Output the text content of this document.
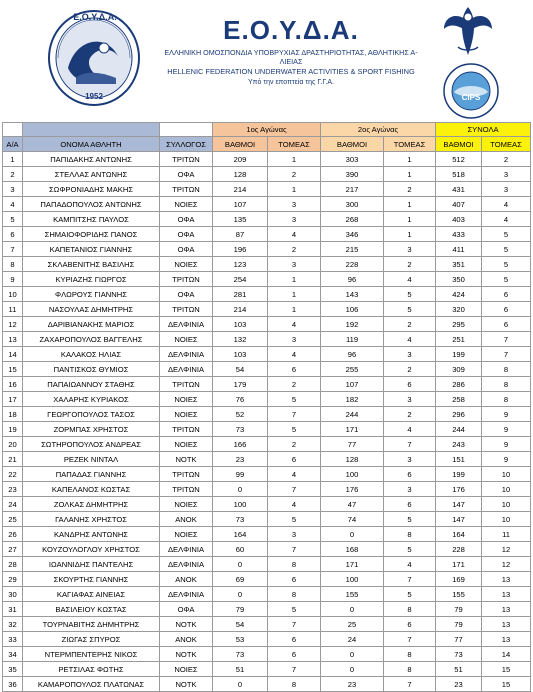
Ε.Ο.Υ.Δ.Α.
1952
Ε.Ο.Υ.Δ.Α.
ΕΛΛΗΝΙΚΗ ΟΜΟΣΠΟΝΔΙΑ ΥΠΟΒΡΥΧΙΑΣ ΔΡΑΣΤΗΡΙΟΤΗΤΑΣ, ΑΘΛΗΤΙΚΗΣ Α-
ΛΙΕΙΑΣ
HELLENIC FEDERATION UNDERWATER ACTIVITIES & SPORT FISHING
Υπό την εποπτεία της Γ.Γ.Α.
CIPS
			1ος Αγώνας		2ος Αγώνας		ΣΥΝΟΛΑ	
Α/Α	ΟΝΟΜΑ ΑΘΛΗΤΗ	ΣΥΛΛΟΓΟΣ	ΒΑΘΜΟΙ	ΤΟΜΕΑΣ	ΒΑΘΜΟΙ	ΤΟΜΕΑΣ	ΒΑΘΜΟΙ	ΤΟΜΕΑΣ
1	ΠΑΠΙΔΑΚΗΣ ΑΝΤΩΝΗΣ	ΤΡΙΤΩΝ	209	1	303	1	512	2
2	ΣΤΕΛΛΑΣ ΑΝΤΩΝΗΣ	ΟΦΑ	128	2	390	1	518	3
3	ΣΩΦΡΟΝΙΑΔΗΣ ΜΑΚΗΣ	ΤΡΙΤΩΝ	214	1	217	2	431	3
4	ΠΑΠΑΔΟΠΟΥΛΟΣ ΑΝΤΩΝΗΣ	ΝΟΙΕΣ	107	3	300	1	407	4
5	ΚΑΜΠΙΤΣΗΣ ΠΑΥΛΟΣ	ΟΦΑ	135	3	268	1	403	4
6	ΣΗΜΑΙΟΦΟΡΙΔΗΣ ΠΑΝΟΣ	ΟΦΑ	87	4	346	1	433	5
7	ΚΑΠΕΤΑΝΙΟΣ ΓΙΑΝΝΗΣ	ΟΦΑ	196	2	215	3	411	5
8	ΣΚΛΑΒΕΝΙΤΗΣ ΒΑΣΙΛΗΣ	ΝΟΙΕΣ	123	3	228	2	351	5
9	ΚΥΡΙΑΖΗΣ ΓΙΩΡΓΟΣ	ΤΡΙΤΩΝ	254	1	96	4	350	5
10	ΦΛΩΡΟΥΣ ΓΙΑΝΝΗΣ	ΟΦΑ	281	1	143	5	424	6
11	ΝΑΣΟΥΛΑΣ ΔΗΜΗΤΡΗΣ	ΤΡΙΤΩΝ	214	1	106	5	320	6
12	ΔΑΡΙΒΙΑΝΑΚΗΣ ΜΑΡΙΟΣ	ΔΕΛΦΙΝΙΑ	103	4	192	2	295	6
13	ΖΑΧΑΡΟΠΟΥΛΟΣ ΒΑΓΓΕΛΗΣ	ΝΟΙΕΣ	132	3	119	4	251	7
14	ΚΑΛΑΚΟΣ ΗΛΙΑΣ	ΔΕΛΦΙΝΙΑ	103	4	96	3	199	7
15	ΠΑΝΤΙΣΚΟΣ ΘΥΜΙΟΣ	ΔΕΛΦΙΝΙΑ	54	6	255	2	309	8
16	ΠΑΠΑΙΩΑΝΝΟΥ ΣΤΑΘΗΣ	ΤΡΙΤΩΝ	179	2	107	6	286	8
17	ΧΑΛΑΡΗΣ ΚΥΡΙΑΚΟΣ	ΝΟΙΕΣ	76	5	182	3	258	8
18	ΓΕΩΡΓΟΠΟΥΛΟΣ ΤΑΣΟΣ	ΝΟΙΕΣ	52	7	244	2	296	9
19	ΖΟΡΜΠΑΣ ΧΡΗΣΤΟΣ	ΤΡΙΤΩΝ	73	5	171	4	244	9
20	ΣΩΤΗΡΟΠΟΥΛΟΣ ΑΝΔΡΕΑΣ	ΝΟΙΕΣ	166	2	77	7	243	9
21	ΡΕΖΕΚ ΝΙΝΤΑΛ	ΝΟΤΚ	23	6	128	3	151	9
22	ΠΑΠΑΔΑΣ ΓΙΑΝΝΗΣ	ΤΡΙΤΩΝ	99	4	100	6	199	10
23	ΚΑΠΕΛΑΝΟΣ ΚΩΣΤΑΣ	ΤΡΙΤΩΝ	0	7	176	3	176	10
24	ΖΟΛΚΑΣ ΔΗΜΗΤΡΗΣ	ΝΟΙΕΣ	100	4	47	6	147	10
25	ΓΑΛΑΝΗΣ ΧΡΗΣΤΟΣ	ΑΝΟΚ	73	5	74	5	147	10
26	ΚΑΝΔΡΗΣ ΑΝΤΩΝΗΣ	ΝΟΙΕΣ	164	3	0	8	164	11
27	ΚΟΥΖΟΥΛΟΓΛΟΥ ΧΡΗΣΤΟΣ	ΔΕΛΦΙΝΙΑ	60	7	168	5	228	12
28	ΙΩΑΝΝΙΔΗΣ ΠΑΝΤΕΛΗΣ	ΔΕΛΦΙΝΙΑ	0	8	171	4	171	12
29	ΣΚΟΥΡΤΗΣ ΓΙΑΝΝΗΣ	ΑΝΟΚ	69	6	100	7	169	13
30	ΚΑΓΙΑΦΑΣ ΑΙΝΕΙΑΣ	ΔΕΛΦΙΝΙΑ	0	8	155	5	155	13
31	ΒΑΣΙΛΕΙΟΥ ΚΩΣΤΑΣ	ΟΦΑ	79	5	0	8	79	13
32	ΤΟΥΡΝΑΒΙΤΗΣ ΔΗΜΗΤΡΗΣ	ΝΟΤΚ	54	7	25	6	79	13
33	ΖΙΩΓΑΣ ΣΠΥΡΟΣ	ΑΝΟΚ	53	6	24	7	77	13
34	ΝΤΕΡΜΠΕΝΤΕΡΗΣ ΝΙΚΟΣ	ΝΟΤΚ	73	6	0	8	73	14
35	ΡΕΤΣΙΛΑΣ ΦΩΤΗΣ	ΝΟΙΕΣ	51	7	0	8	51	15
36	ΚΑΜΑΡΟΠΟΥΛΟΣ ΠΛΑΤΩΝΑΣ	ΝΟΤΚ	0	8	23	7	23	15
